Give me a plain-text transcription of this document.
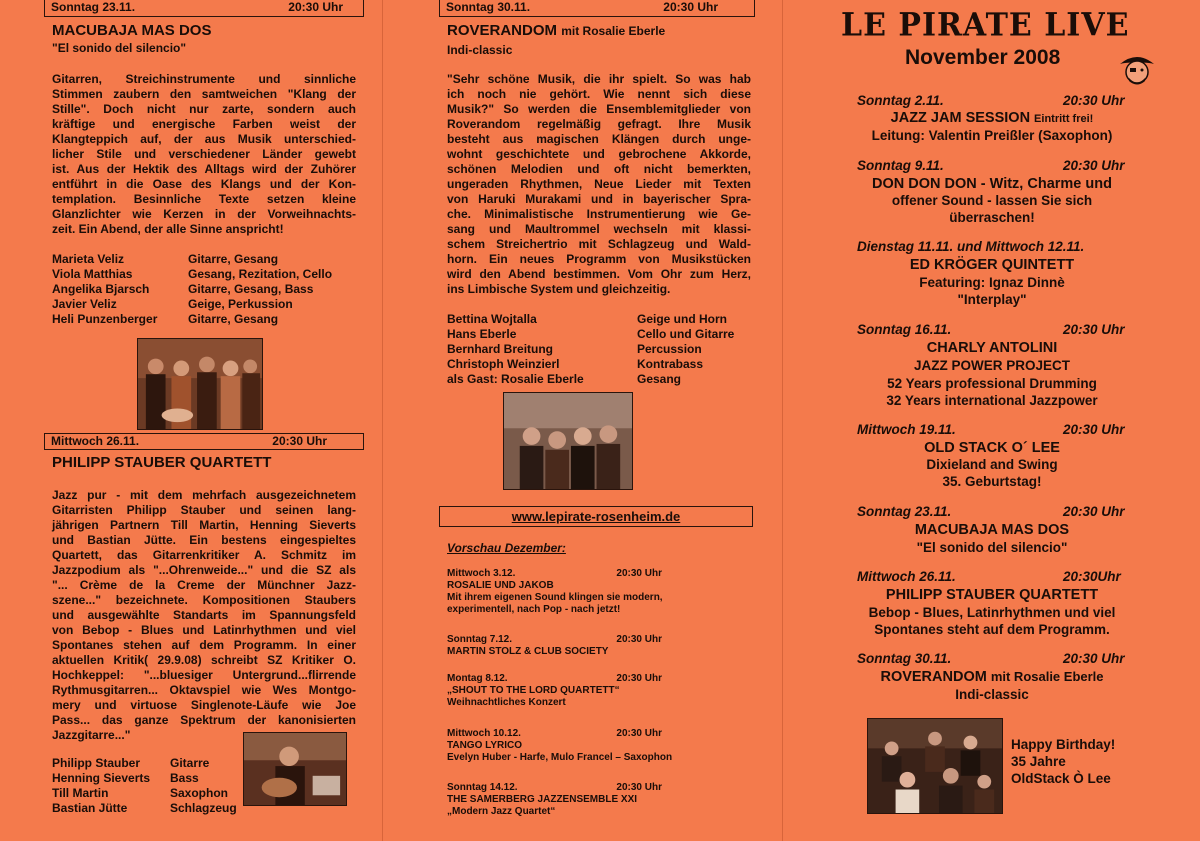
Sonntag 23.11.	20:30 Uhr
MACUBAJA MAS DOS
"El sonido del silencio"
Gitarren, Streichinstrumente und sinnliche
Stimmen zaubern den samtweichen "Klang der
Stille". Doch nicht nur zarte, sondern auch
kräftige und energische Farben weist der
Klangteppich auf, der aus Musik unterschied-
licher Stile und verschiedener Länder gewebt
ist. Aus der Hektik des Alltags wird der Zuhörer
entführt in die Oase des Klangs und der Kon-
templation. Besinnliche Texte setzen kleine
Glanzlichter wie Kerzen in der Vorweihnachts-
zeit. Ein Abend, der alle Sinne anspricht!
Marieta Veliz	Gitarre, Gesang
Viola Matthias	Gesang, Rezitation, Cello
Angelika Bjarsch	Gitarre, Gesang, Bass
Javier Veliz	Geige, Perkussion
Heli Punzenberger	Gitarre, Gesang
Mittwoch 26.11.	20:30 Uhr
PHILIPP STAUBER QUARTETT
Jazz pur - mit dem mehrfach ausgezeichnetem
Gitarristen Philipp Stauber und seinen lang-
jährigen Partnern Till Martin, Henning Sieverts
und Bastian Jütte. Ein bestens eingespieltes
Quartett, das Gitarrenkritiker A. Schmitz im
Jazzpodium als "...Ohrenweide..." und die SZ als
"... Crème de la Creme der Münchner Jazz-
szene..." bezeichnete. Kompositionen Staubers
und ausgewählte Standarts im Spannungsfeld
von Bebop - Blues und Latinrhythmen und viel
Spontanes stehen auf dem Programm. In einer
aktuellen Kritik( 29.9.08) schreibt SZ Kritiker O.
Hochkeppel: "...bluesiger Untergrund...flirrende
Rythmusgitarren... Oktavspiel wie Wes Montgo-
mery und virtuose Singlenote-Läufe wie Joe
Pass... das ganze Spektrum der kanonisierten
Jazzgitarre..."
Philipp Stauber	Gitarre
Henning Sieverts	Bass
Till Martin	Saxophon
Bastian Jütte	Schlagzeug
Sonntag 30.11.	20:30 Uhr
ROVERANDOM mit Rosalie Eberle
Indi-classic
"Sehr schöne Musik, die ihr spielt. So was hab
ich noch nie gehört. Wie nennt sich diese
Musik?" So werden die Ensemblemitglieder von
Roverandom regelmäßig gefragt. Ihre Musik
besteht aus magischen Klängen durch unge-
wohnt geschichtete und gebrochene Akkorde,
schönen Melodien und oft nicht bemerkten,
ungeraden Rhythmen, Neue Lieder mit Texten
von Haruki Murakami und in bayerischer Spra-
che. Minimalistische Instrumentierung wie Ge-
sang und Maultrommel wechseln mit klassi-
schem Streichertrio mit Schlagzeug und Wald-
horn. Ein neues Programm von Musikstücken
wird den Abend bestimmen. Vom Ohr zum Herz,
ins Limbische System und gleichzeitig.
Bettina Wojtalla	Geige und Horn
Hans Eberle	Cello und Gitarre
Bernhard Breitung	Percussion
Christoph Weinzierl	Kontrabass
als Gast: Rosalie Eberle	Gesang
www.lepirate-rosenheim.de
Vorschau Dezember:
Mittwoch 3.12.	20:30 Uhr
ROSALIE UND JAKOB
Mit ihrem eigenen Sound klingen sie modern,
experimentell, nach Pop - nach jetzt!
Sonntag 7.12.	20:30 Uhr
MARTIN STOLZ & CLUB SOCIETY
Montag 8.12.	20:30 Uhr
„SHOUT TO THE LORD QUARTETT“
Weihnachtliches Konzert
Mittwoch 10.12.	20:30 Uhr
TANGO LYRICO
Evelyn Huber - Harfe, Mulo Francel – Saxophon
Sonntag 14.12.	20:30 Uhr
THE SAMERBERG JAZZENSEMBLE XXI
„Modern Jazz Quartet“
LE PIRATE LIVE
November 2008
Sonntag 2.11.	20:30 Uhr
JAZZ JAM SESSION Eintritt frei!
Leitung: Valentin Preißler (Saxophon)
Sonntag 9.11.	20:30 Uhr
DON DON DON - Witz, Charme und
offener Sound - lassen Sie sich
überraschen!
Dienstag 11.11. und Mittwoch 12.11.
ED KRÖGER QUINTETT
Featuring: Ignaz Dinnè
"Interplay"
Sonntag 16.11.	20:30 Uhr
CHARLY ANTOLINI
JAZZ POWER PROJECT
52 Years professional Drumming
32 Years international Jazzpower
Mittwoch 19.11.	20:30 Uhr
OLD STACK O´ LEE
Dixieland and Swing
35. Geburtstag!
Sonntag 23.11.	20:30 Uhr
MACUBAJA MAS DOS
"El sonido del silencio"
Mittwoch 26.11.	20:30Uhr
PHILIPP STAUBER QUARTETT
Bebop - Blues, Latinrhythmen und viel
Spontanes steht auf dem Programm.
Sonntag 30.11.	20:30 Uhr
ROVERANDOM mit Rosalie Eberle
Indi-classic
Happy Birthday!
35 Jahre
OldStack Ò Lee
